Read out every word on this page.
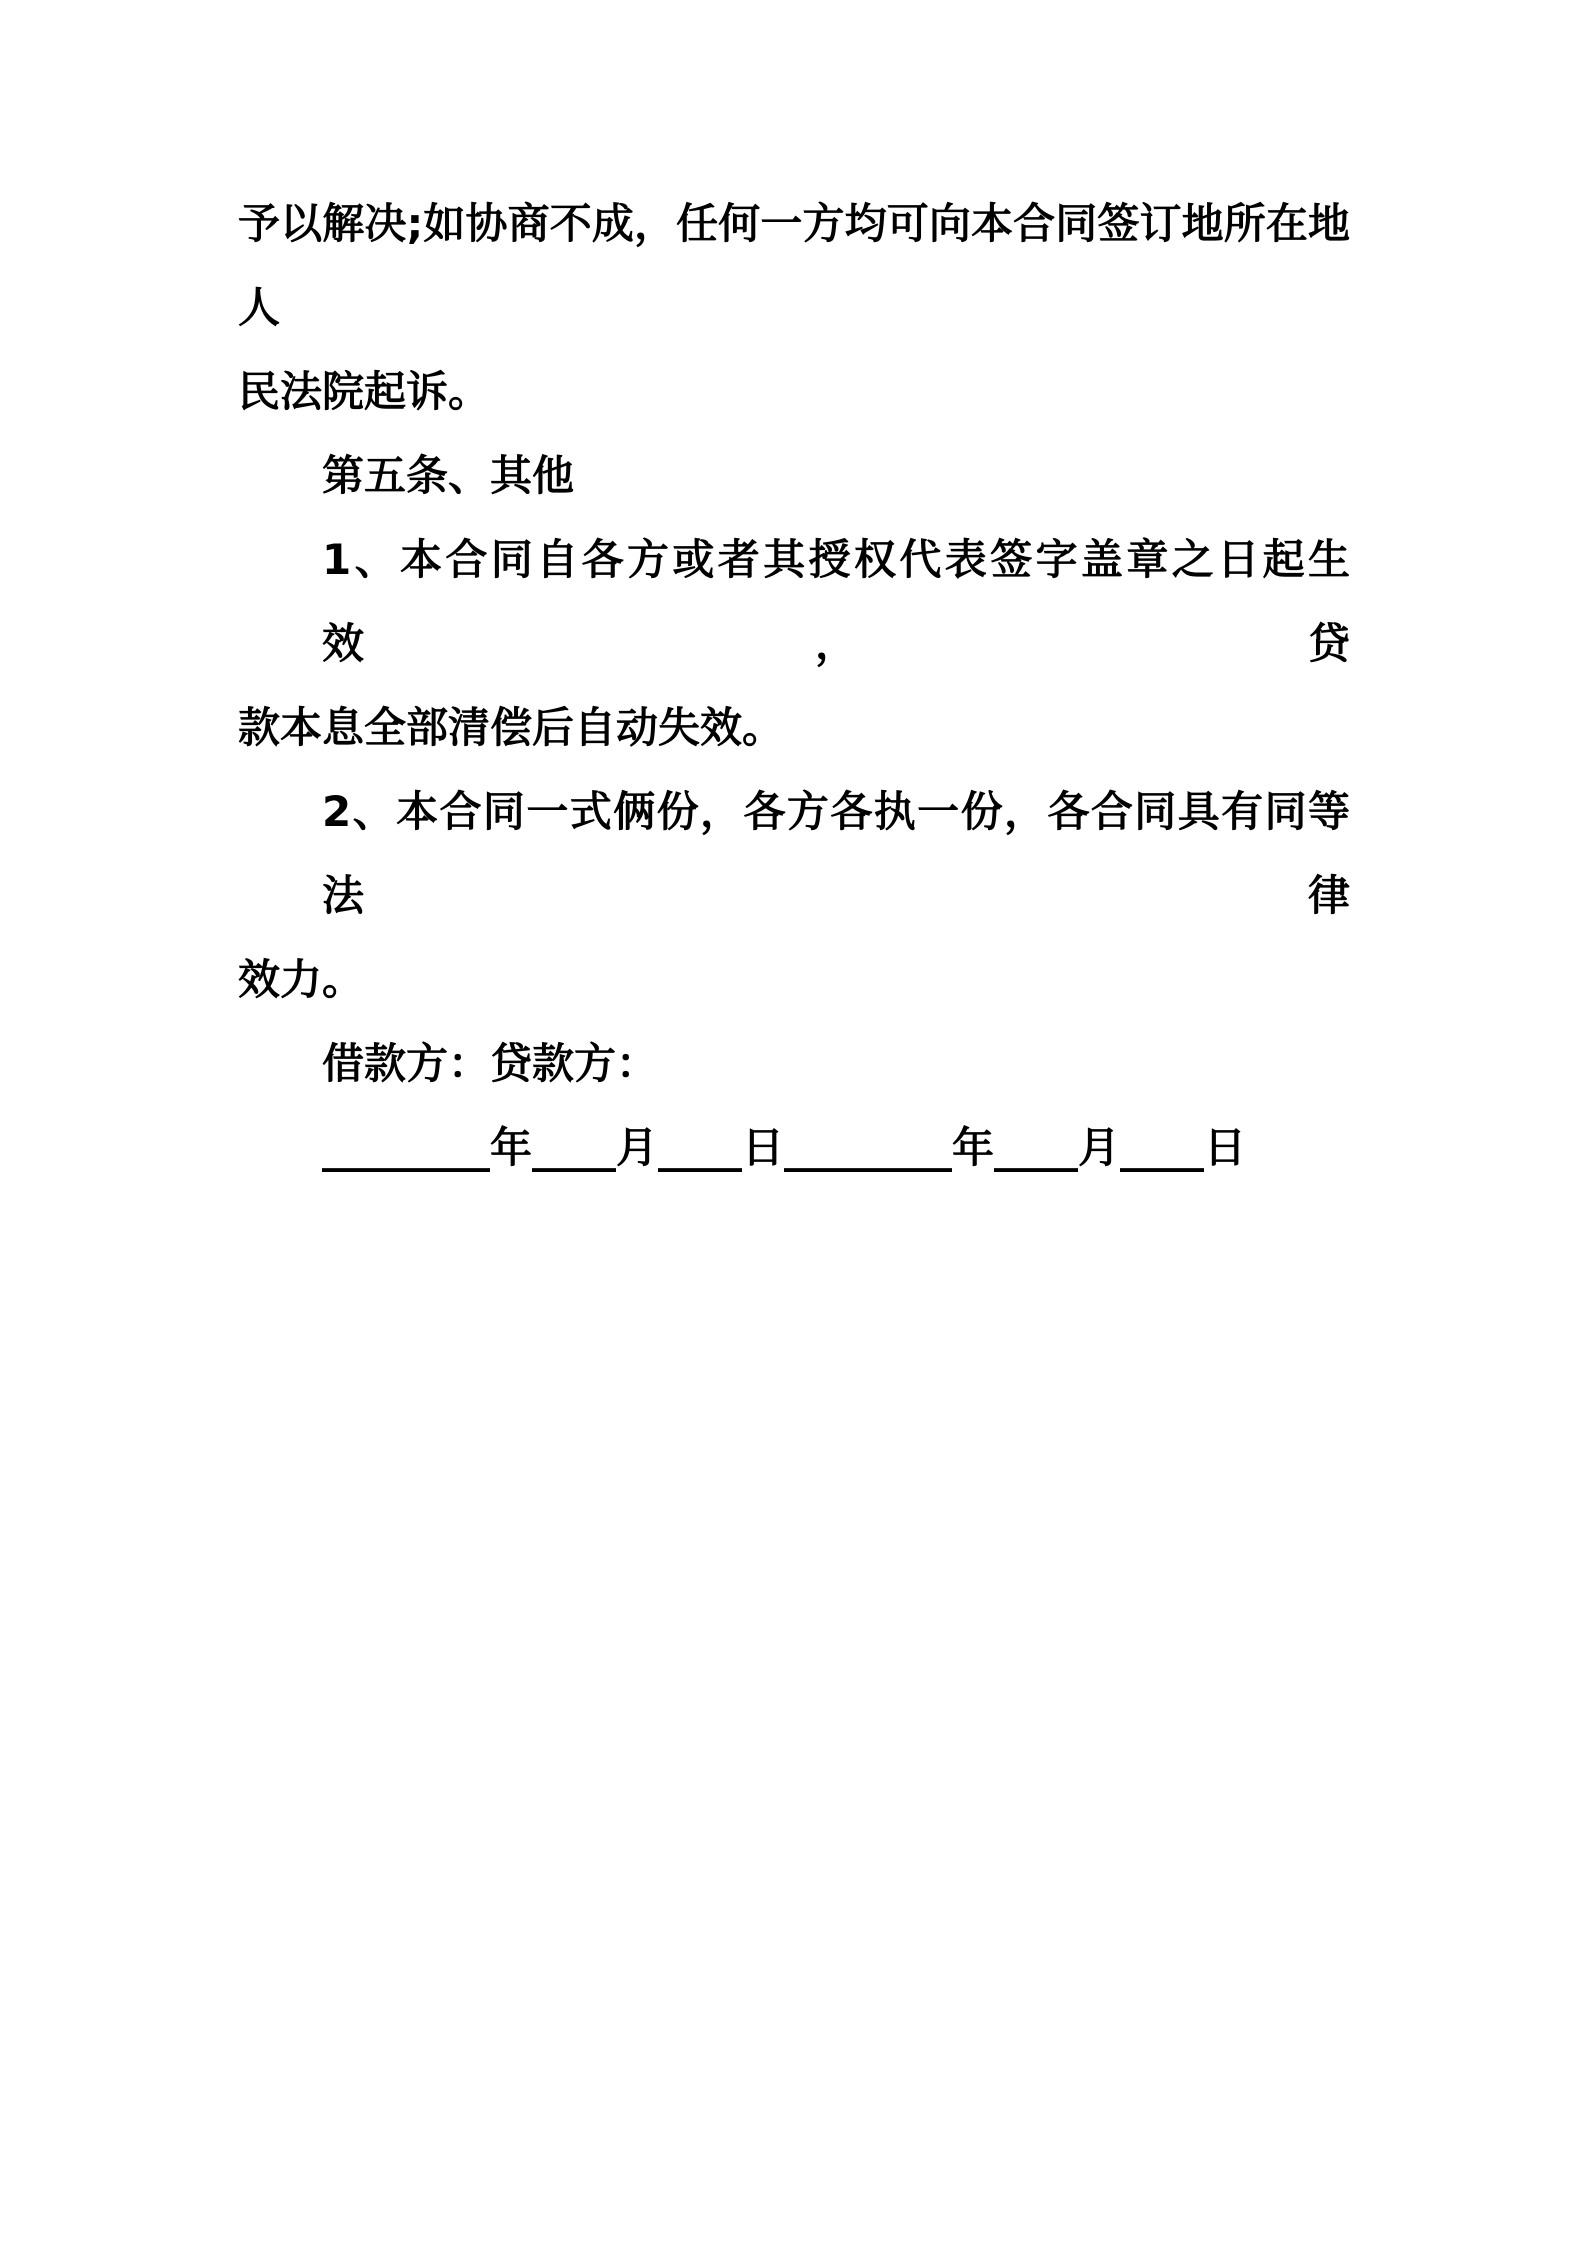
予以解决;如协商不成，任何一方均可向本合同签订地所在地人
民法院起诉。
第五条、其他
1、本合同自各方或者其授权代表签字盖章之日起生效，贷
款本息全部清偿后自动失效。
2、本合同一式俩份，各方各执一份，各合同具有同等法律
效力。
借款方：贷款方：
________年____月____日________年____月____日
